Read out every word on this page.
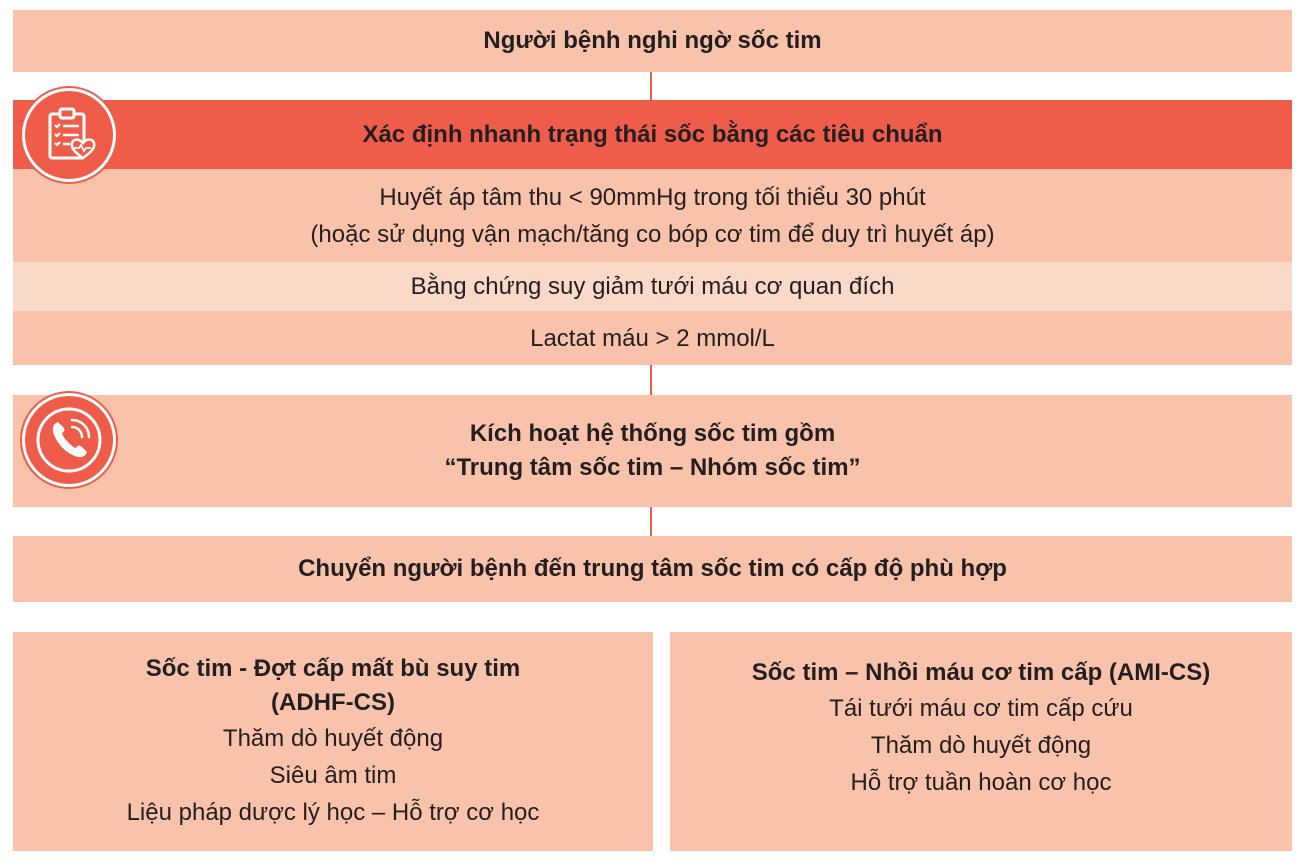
Người bệnh nghi ngờ sốc tim
Xác định nhanh trạng thái sốc bằng các tiêu chuẩn
Huyết áp tâm thu < 90mmHg trong tối thiểu 30 phút
(hoặc sử dụng vận mạch/tăng co bóp cơ tim để duy trì huyết áp)
Bằng chứng suy giảm tưới máu cơ quan đích
Lactat máu > 2 mmol/L
Kích hoạt hệ thống sốc tim gồm
“Trung tâm sốc tim – Nhóm sốc tim”
Chuyển người bệnh đến trung tâm sốc tim có cấp độ phù hợp
Sốc tim - Đợt cấp mất bù suy tim
(ADHF-CS)
Thăm dò huyết động
Siêu âm tim
Liệu pháp dược lý học – Hỗ trợ cơ học
Sốc tim – Nhồi máu cơ tim cấp (AMI-CS)
Tái tưới máu cơ tim cấp cứu
Thăm dò huyết động
Hỗ trợ tuần hoàn cơ học
